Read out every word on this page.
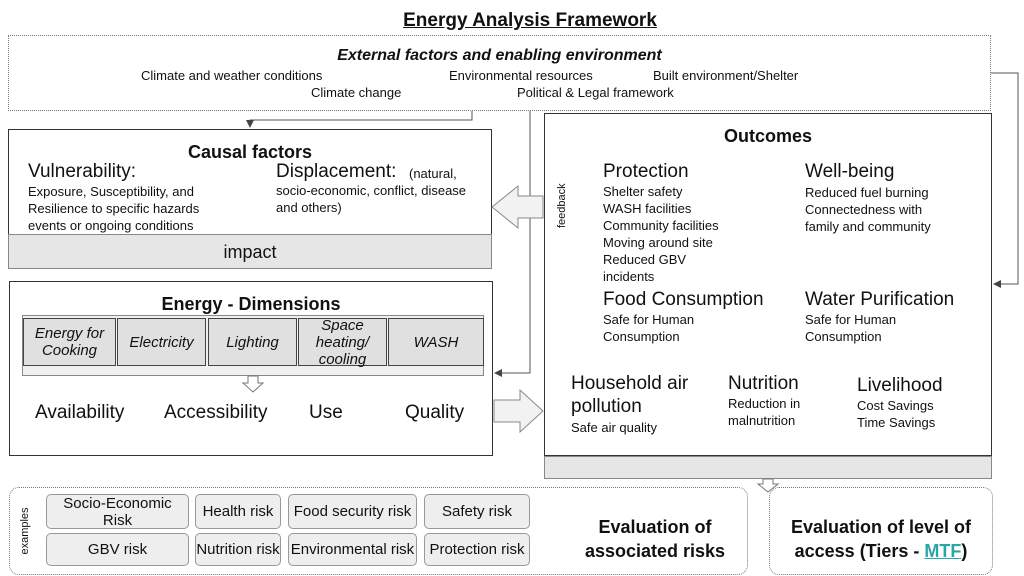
Energy Analysis Framework
External factors and enabling environment
Climate and weather conditions	Environmental resources	Built environment/Shelter
Climate change	Political & Legal framework
Causal factors
Vulnerability:
Exposure, Susceptibility, and Resilience to specific hazards events or ongoing conditions
Displacement: (natural, socio-economic, conflict, disease and others)
impact
Energy - Dimensions
Energy for Cooking	Electricity	Lighting
Space heating/ cooling
WASH
Availability Accessibility Use	Quality
Outcomes
feedback
Protection
Shelter safety
WASH facilities
Community facilities
Moving around site
Reduced GBV
incidents
Well-being
Reduced fuel burning
Connectedness with
family and community
Food Consumption
Safe for Human
Consumption
Water Purification
Safe for Human
Consumption
Household air
pollution
Safe air quality
Nutrition
Reduction in
malnutrition
Livelihood
Cost Savings
Time Savings
examples
Socio-Economic Risk	Health risk	Food security risk	Safety risk
GBV risk	Nutrition risk Environmental risk	Protection risk
Evaluation of associated risks
Evaluation of level of
access (Tiers - MTF)
